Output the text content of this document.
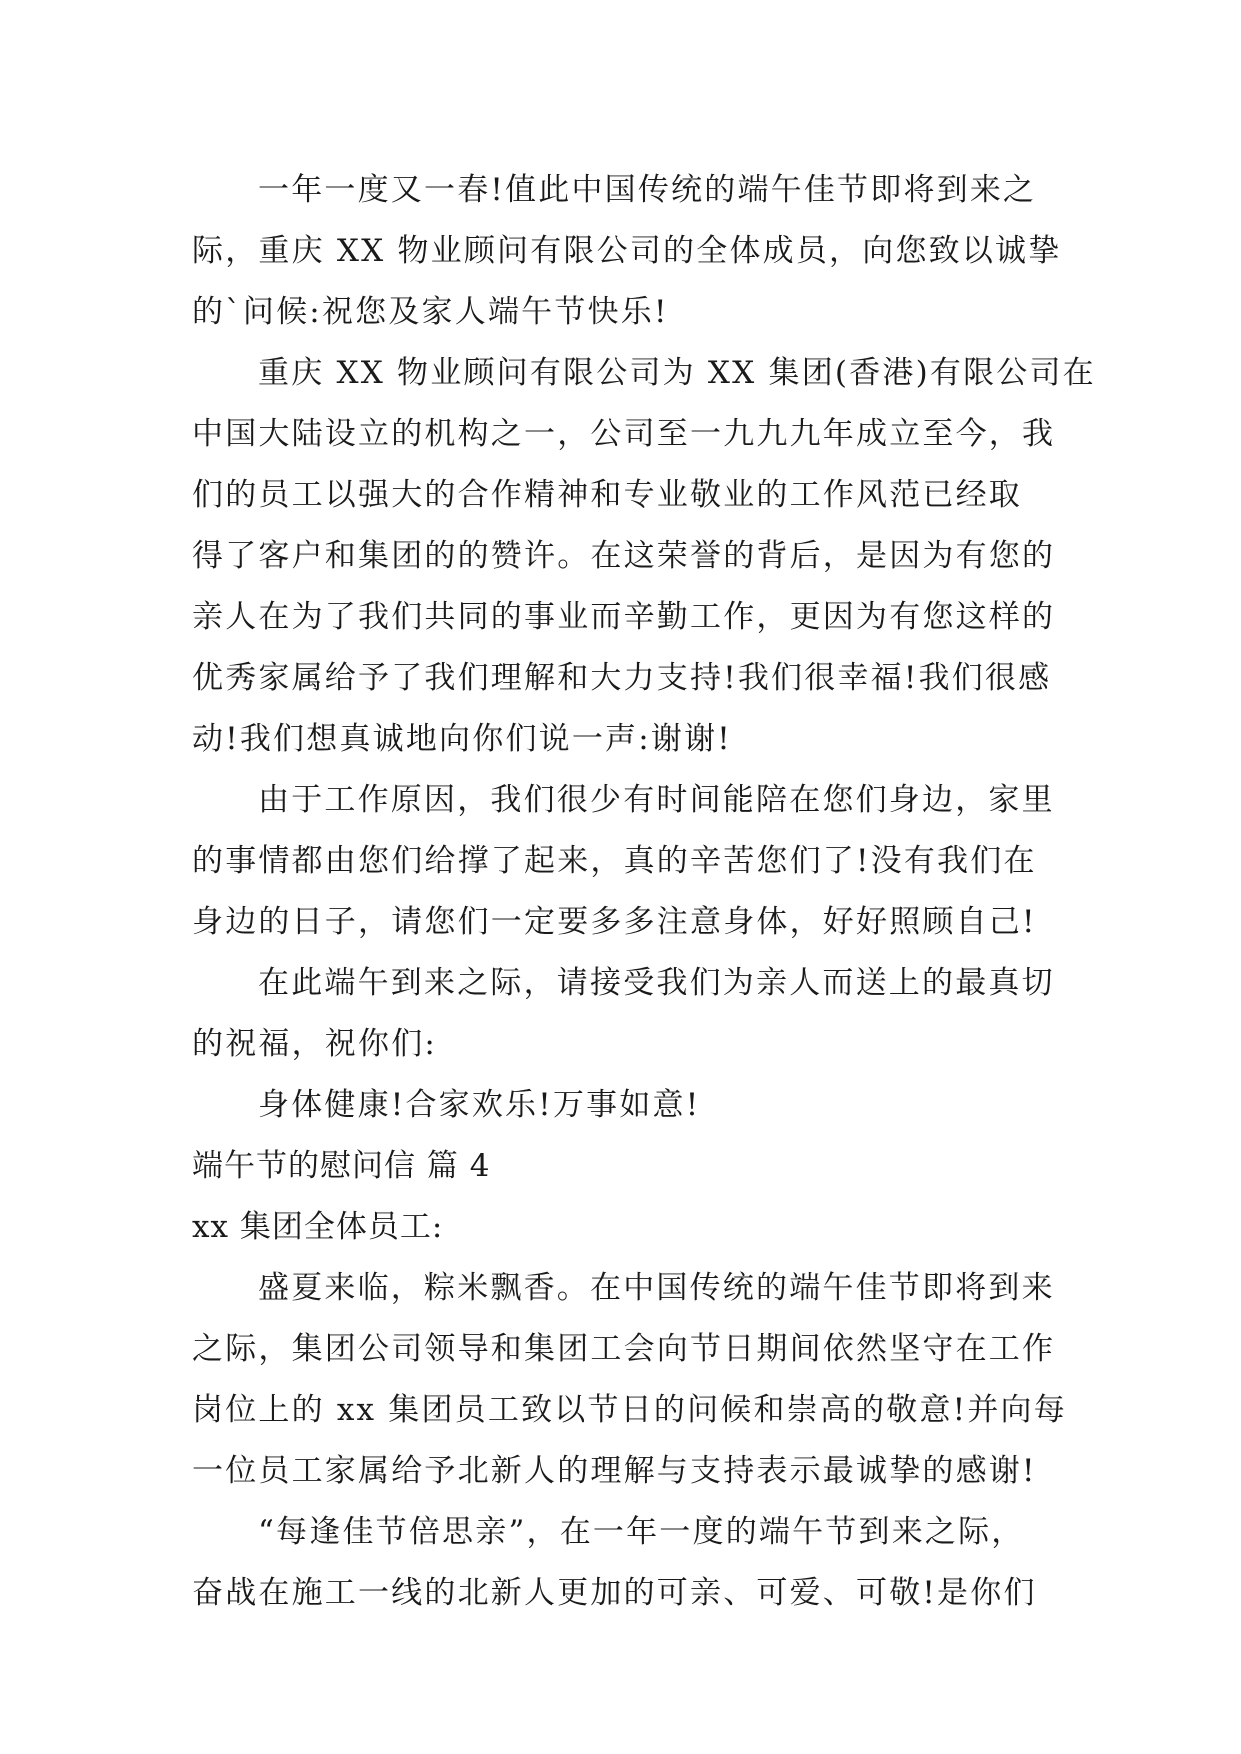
一年一度又一春!值此中国传统的端午佳节即将到来之
际，重庆 XX 物业顾问有限公司的全体成员，向您致以诚挚
的`问候:祝您及家人端午节快乐!
重庆 XX 物业顾问有限公司为 XX 集团(香港)有限公司在
中国大陆设立的机构之一，公司至一九九九年成立至今，我
们的员工以强大的合作精神和专业敬业的工作风范已经取
得了客户和集团的的赞许。在这荣誉的背后，是因为有您的
亲人在为了我们共同的事业而辛勤工作，更因为有您这样的
优秀家属给予了我们理解和大力支持!我们很幸福!我们很感
动!我们想真诚地向你们说一声:谢谢!
由于工作原因，我们很少有时间能陪在您们身边，家里
的事情都由您们给撑了起来，真的辛苦您们了!没有我们在
身边的日子，请您们一定要多多注意身体，好好照顾自己!
在此端午到来之际，请接受我们为亲人而送上的最真切
的祝福，祝你们:
身体健康!合家欢乐!万事如意!
端午节的慰问信 篇 4
xx 集团全体员工:
盛夏来临，粽米飘香。在中国传统的端午佳节即将到来
之际，集团公司领导和集团工会向节日期间依然坚守在工作
岗位上的 xx 集团员工致以节日的问候和崇高的敬意!并向每
一位员工家属给予北新人的理解与支持表示最诚挚的感谢!
“每逢佳节倍思亲”，在一年一度的端午节到来之际，
奋战在施工一线的北新人更加的可亲、可爱、可敬!是你们
